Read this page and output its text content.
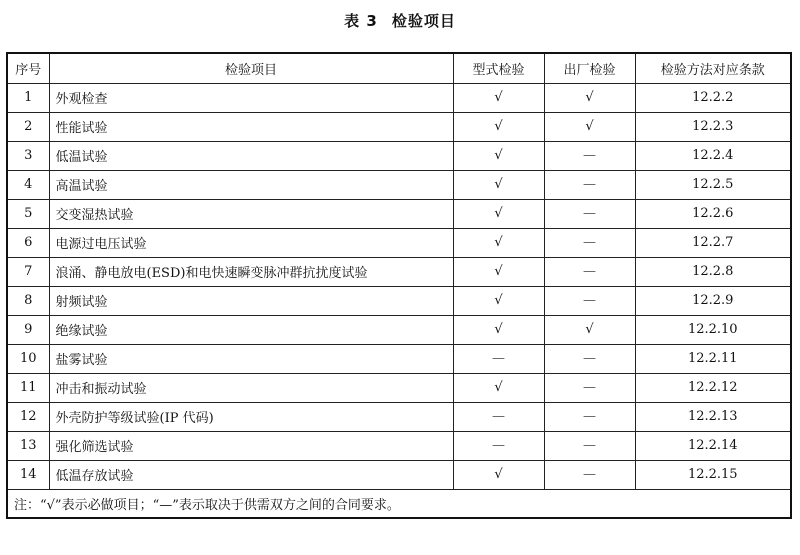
表 3 检验项目
序号	检验项目	型式检验	出厂检验	检验方法对应条款
1	外观检查	√	√	12.2.2
2	性能试验	√	√	12.2.3
3	低温试验	√	—	12.2.4
4	高温试验	√	—	12.2.5
5	交变湿热试验	√	—	12.2.6
6	电源过电压试验	√	—	12.2.7
7	浪涌、静电放电(ESD)和电快速瞬变脉冲群抗扰度试验	√	—	12.2.8
8	射频试验	√	—	12.2.9
9	绝缘试验	√	√	12.2.10
10	盐雾试验	—	—	12.2.11
11	冲击和振动试验	√	—	12.2.12
12	外壳防护等级试验(IP 代码)	—	—	12.2.13
13	强化筛选试验	—	—	12.2.14
14	低温存放试验	√	—	12.2.15
注：“√”表示必做项目；“—”表示取决于供需双方之间的合同要求。				
